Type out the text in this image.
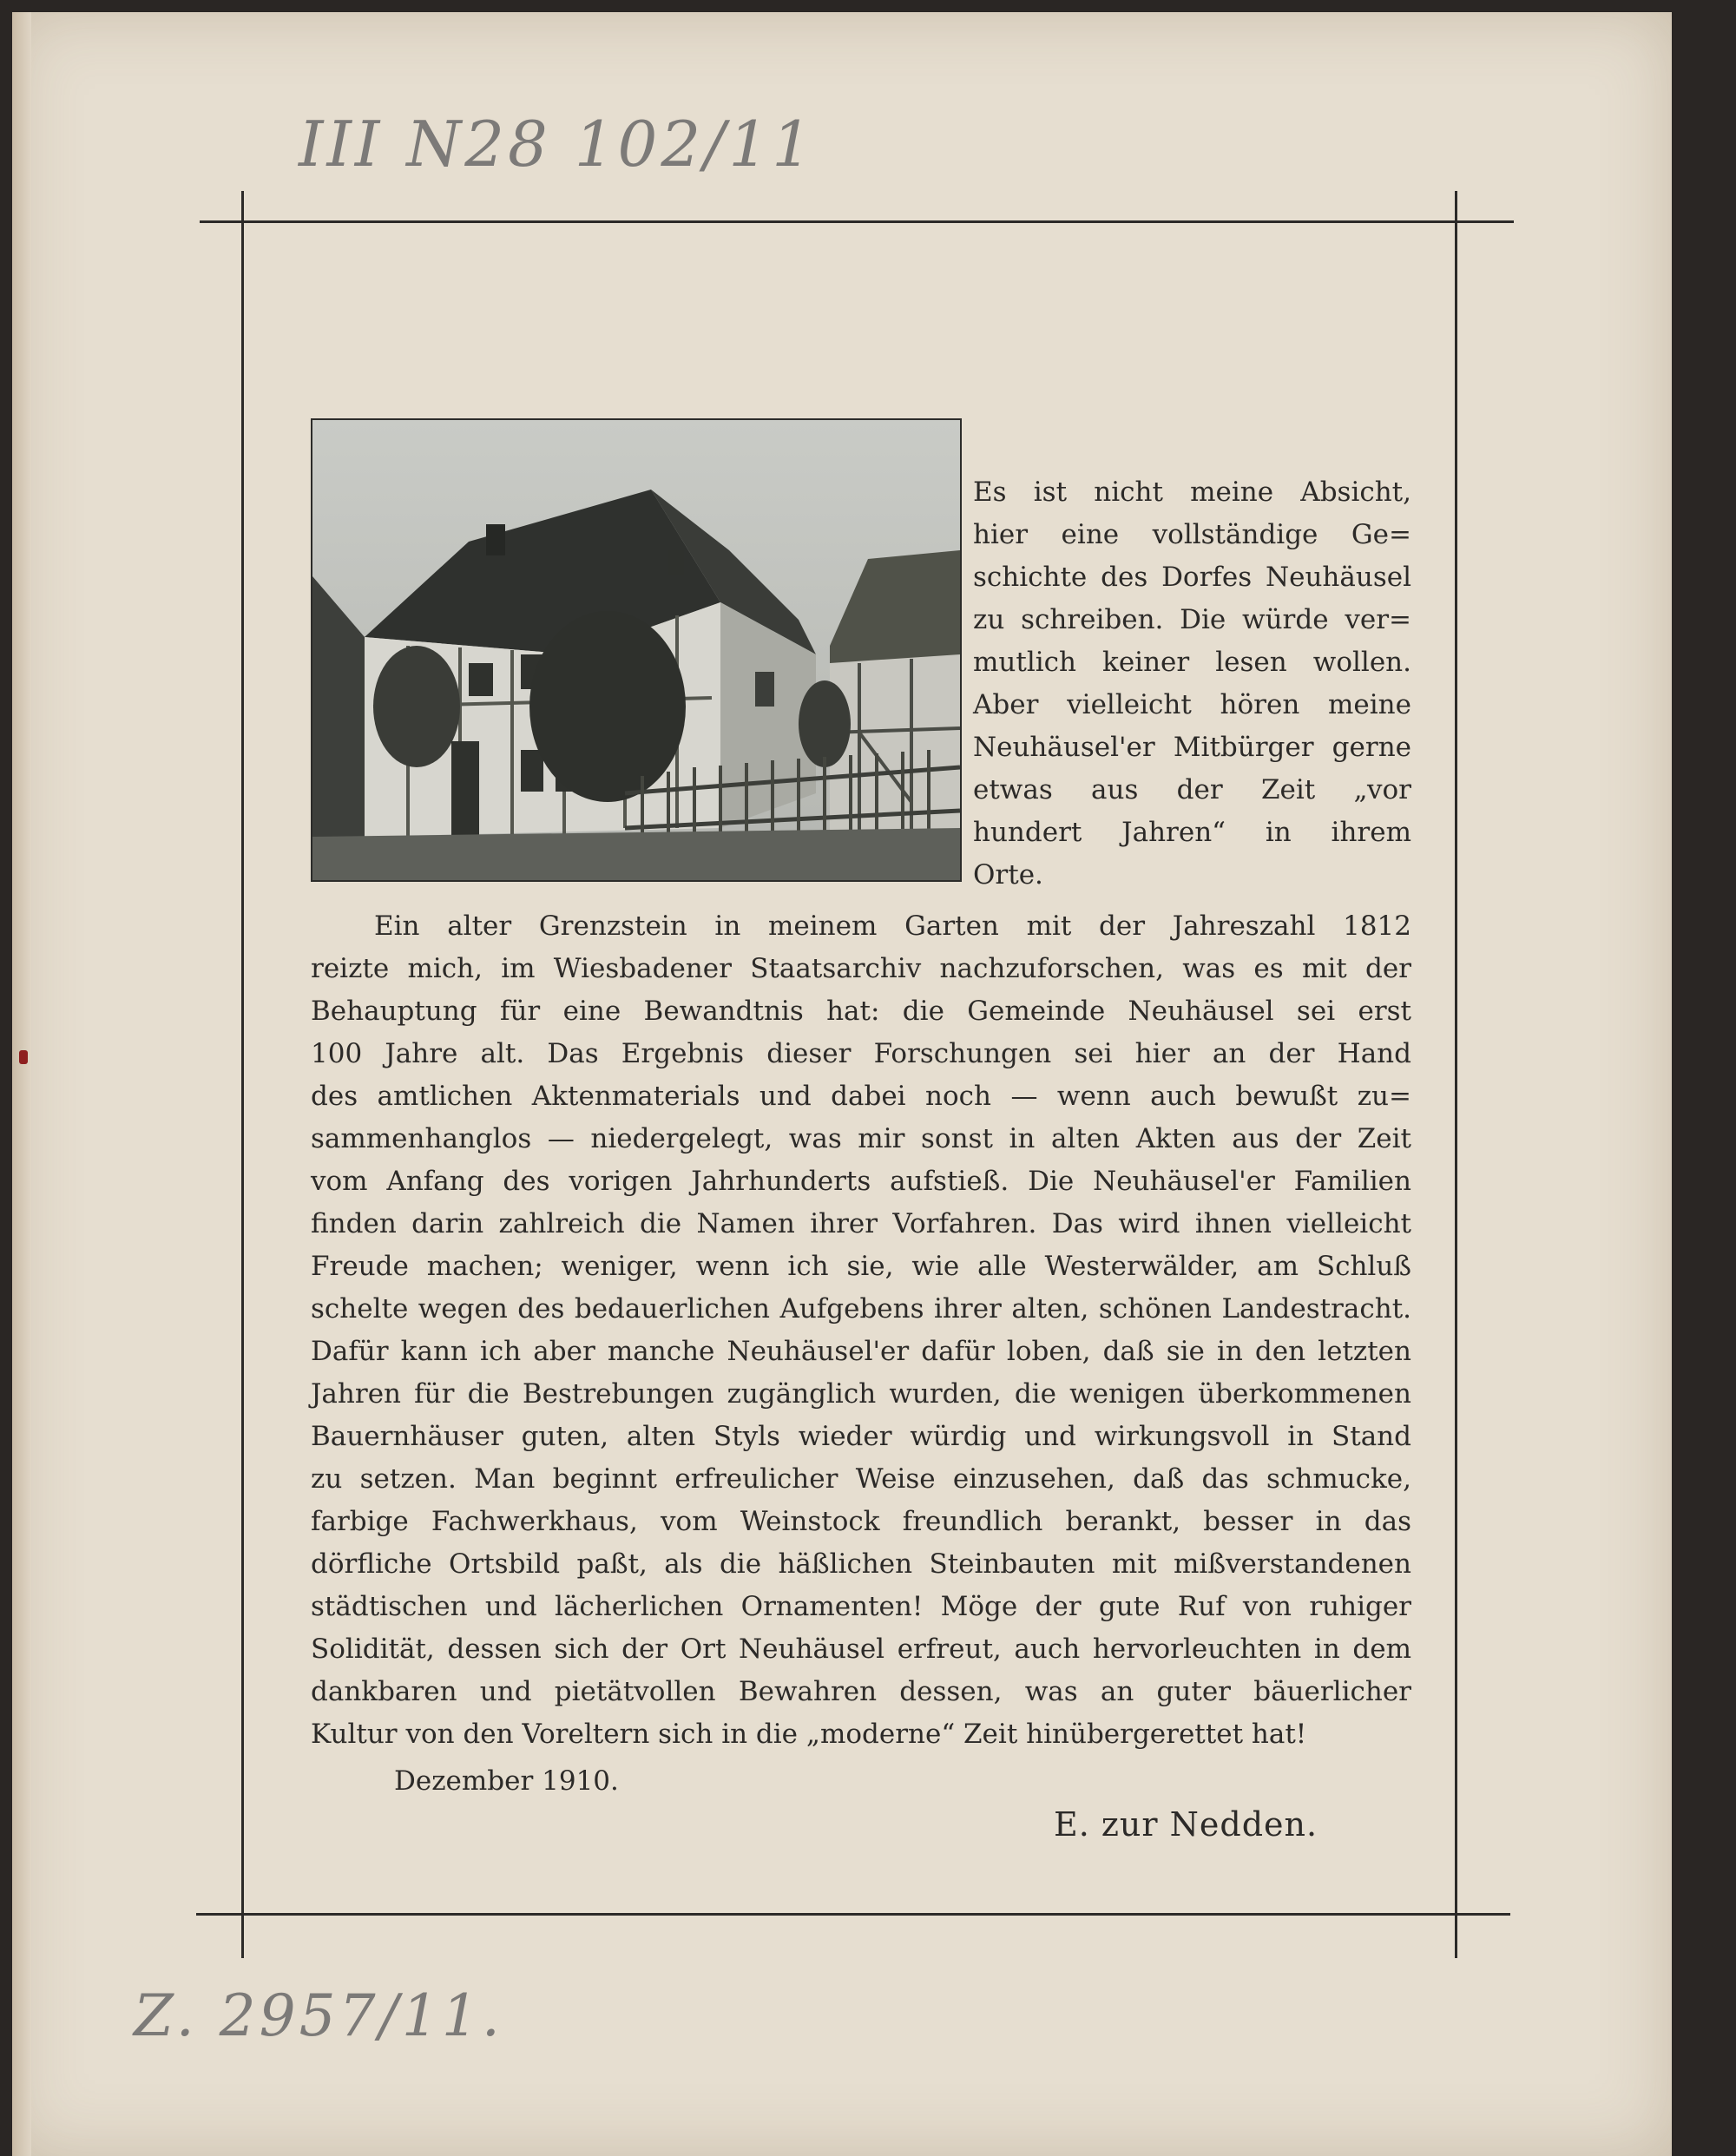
III N28 102/11
Z. 2957/11.
Es ist nicht meine Absicht,
hier eine vollständige Ge=
schichte des Dorfes Neuhäusel
zu schreiben. Die würde ver=
mutlich keiner lesen wollen.
Aber vielleicht hören meine
Neuhäusel'er Mitbürger gerne
etwas aus der Zeit „vor
hundert Jahren“ in ihrem
Orte.
Ein alter Grenzstein in meinem Garten mit der Jahreszahl 1812
reizte mich, im Wiesbadener Staatsarchiv nachzuforschen, was es mit der
Behauptung für eine Bewandtnis hat: die Gemeinde Neuhäusel sei erst
100 Jahre alt. Das Ergebnis dieser Forschungen sei hier an der Hand
des amtlichen Aktenmaterials und dabei noch — wenn auch bewußt zu=
sammenhanglos — niedergelegt, was mir sonst in alten Akten aus der Zeit
vom Anfang des vorigen Jahrhunderts aufstieß. Die Neuhäusel'er Familien
finden darin zahlreich die Namen ihrer Vorfahren. Das wird ihnen vielleicht
Freude machen; weniger, wenn ich sie, wie alle Westerwälder, am Schluß
schelte wegen des bedauerlichen Aufgebens ihrer alten, schönen Landestracht.
Dafür kann ich aber manche Neuhäusel'er dafür loben, daß sie in den letzten
Jahren für die Bestrebungen zugänglich wurden, die wenigen überkommenen
Bauernhäuser guten, alten Styls wieder würdig und wirkungsvoll in Stand
zu setzen. Man beginnt erfreulicher Weise einzusehen, daß das schmucke,
farbige Fachwerkhaus, vom Weinstock freundlich berankt, besser in das
dörfliche Ortsbild paßt, als die häßlichen Steinbauten mit mißverstandenen
städtischen und lächerlichen Ornamenten! Möge der gute Ruf von ruhiger
Solidität, dessen sich der Ort Neuhäusel erfreut, auch hervorleuchten in dem
dankbaren und pietätvollen Bewahren dessen, was an guter bäuerlicher
Kultur von den Voreltern sich in die „moderne“ Zeit hinübergerettet hat!
Dezember 1910.
E. zur Nedden.
